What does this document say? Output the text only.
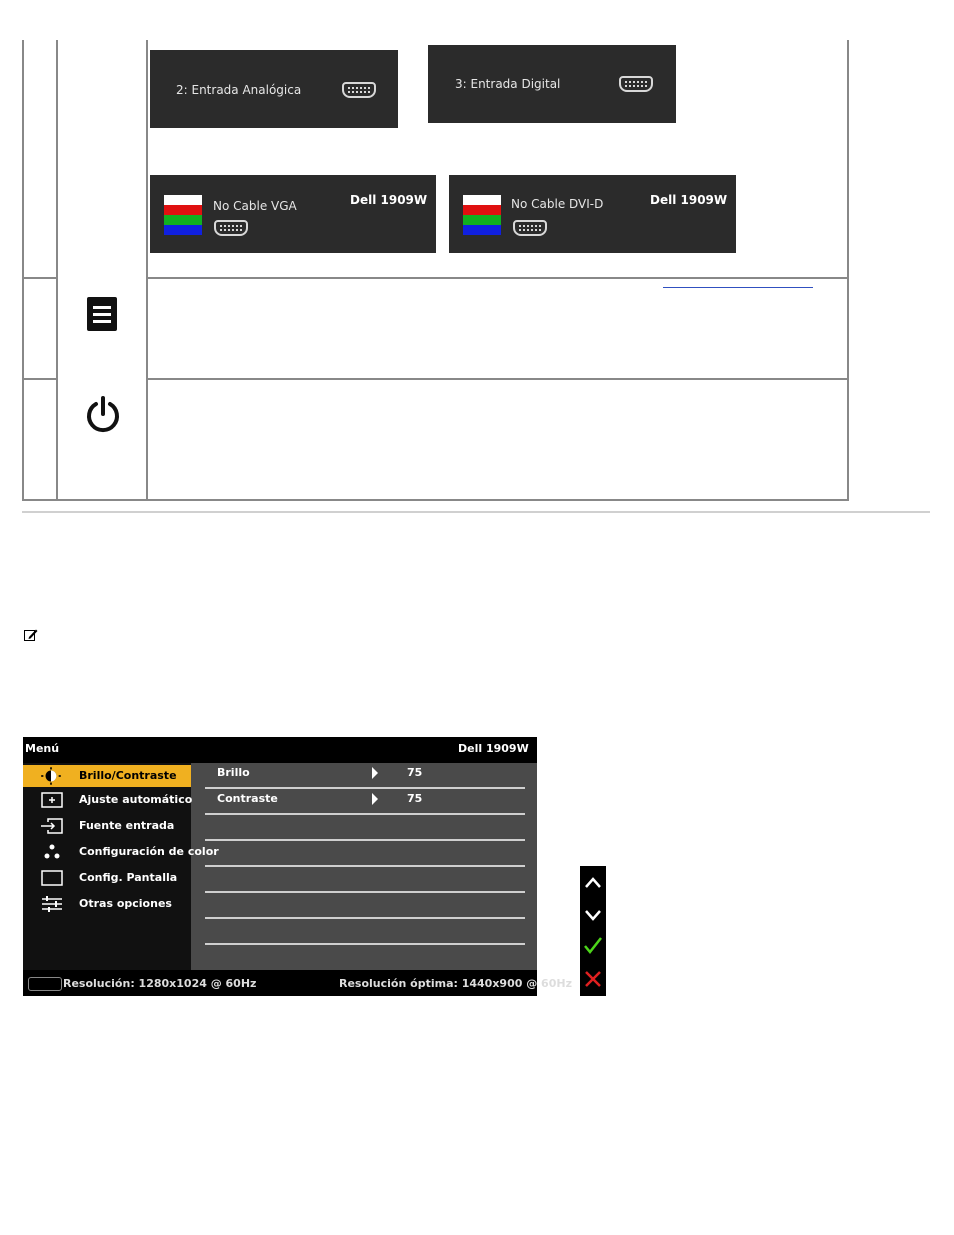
2: Entrada Analógica	3: Entrada Digital
No Cable VGA	Dell 1909W	No Cable DVI-D	Dell 1909W
Menú	Dell 1909W
Brillo/Contraste
Ajuste automático
Fuente entrada
Configuración de color
Config. Pantalla
Otras opciones
Brillo	75
Contraste	75
Resolución: 1280x1024 @ 60Hz	Resolución óptima: 1440x900 @ 60Hz
